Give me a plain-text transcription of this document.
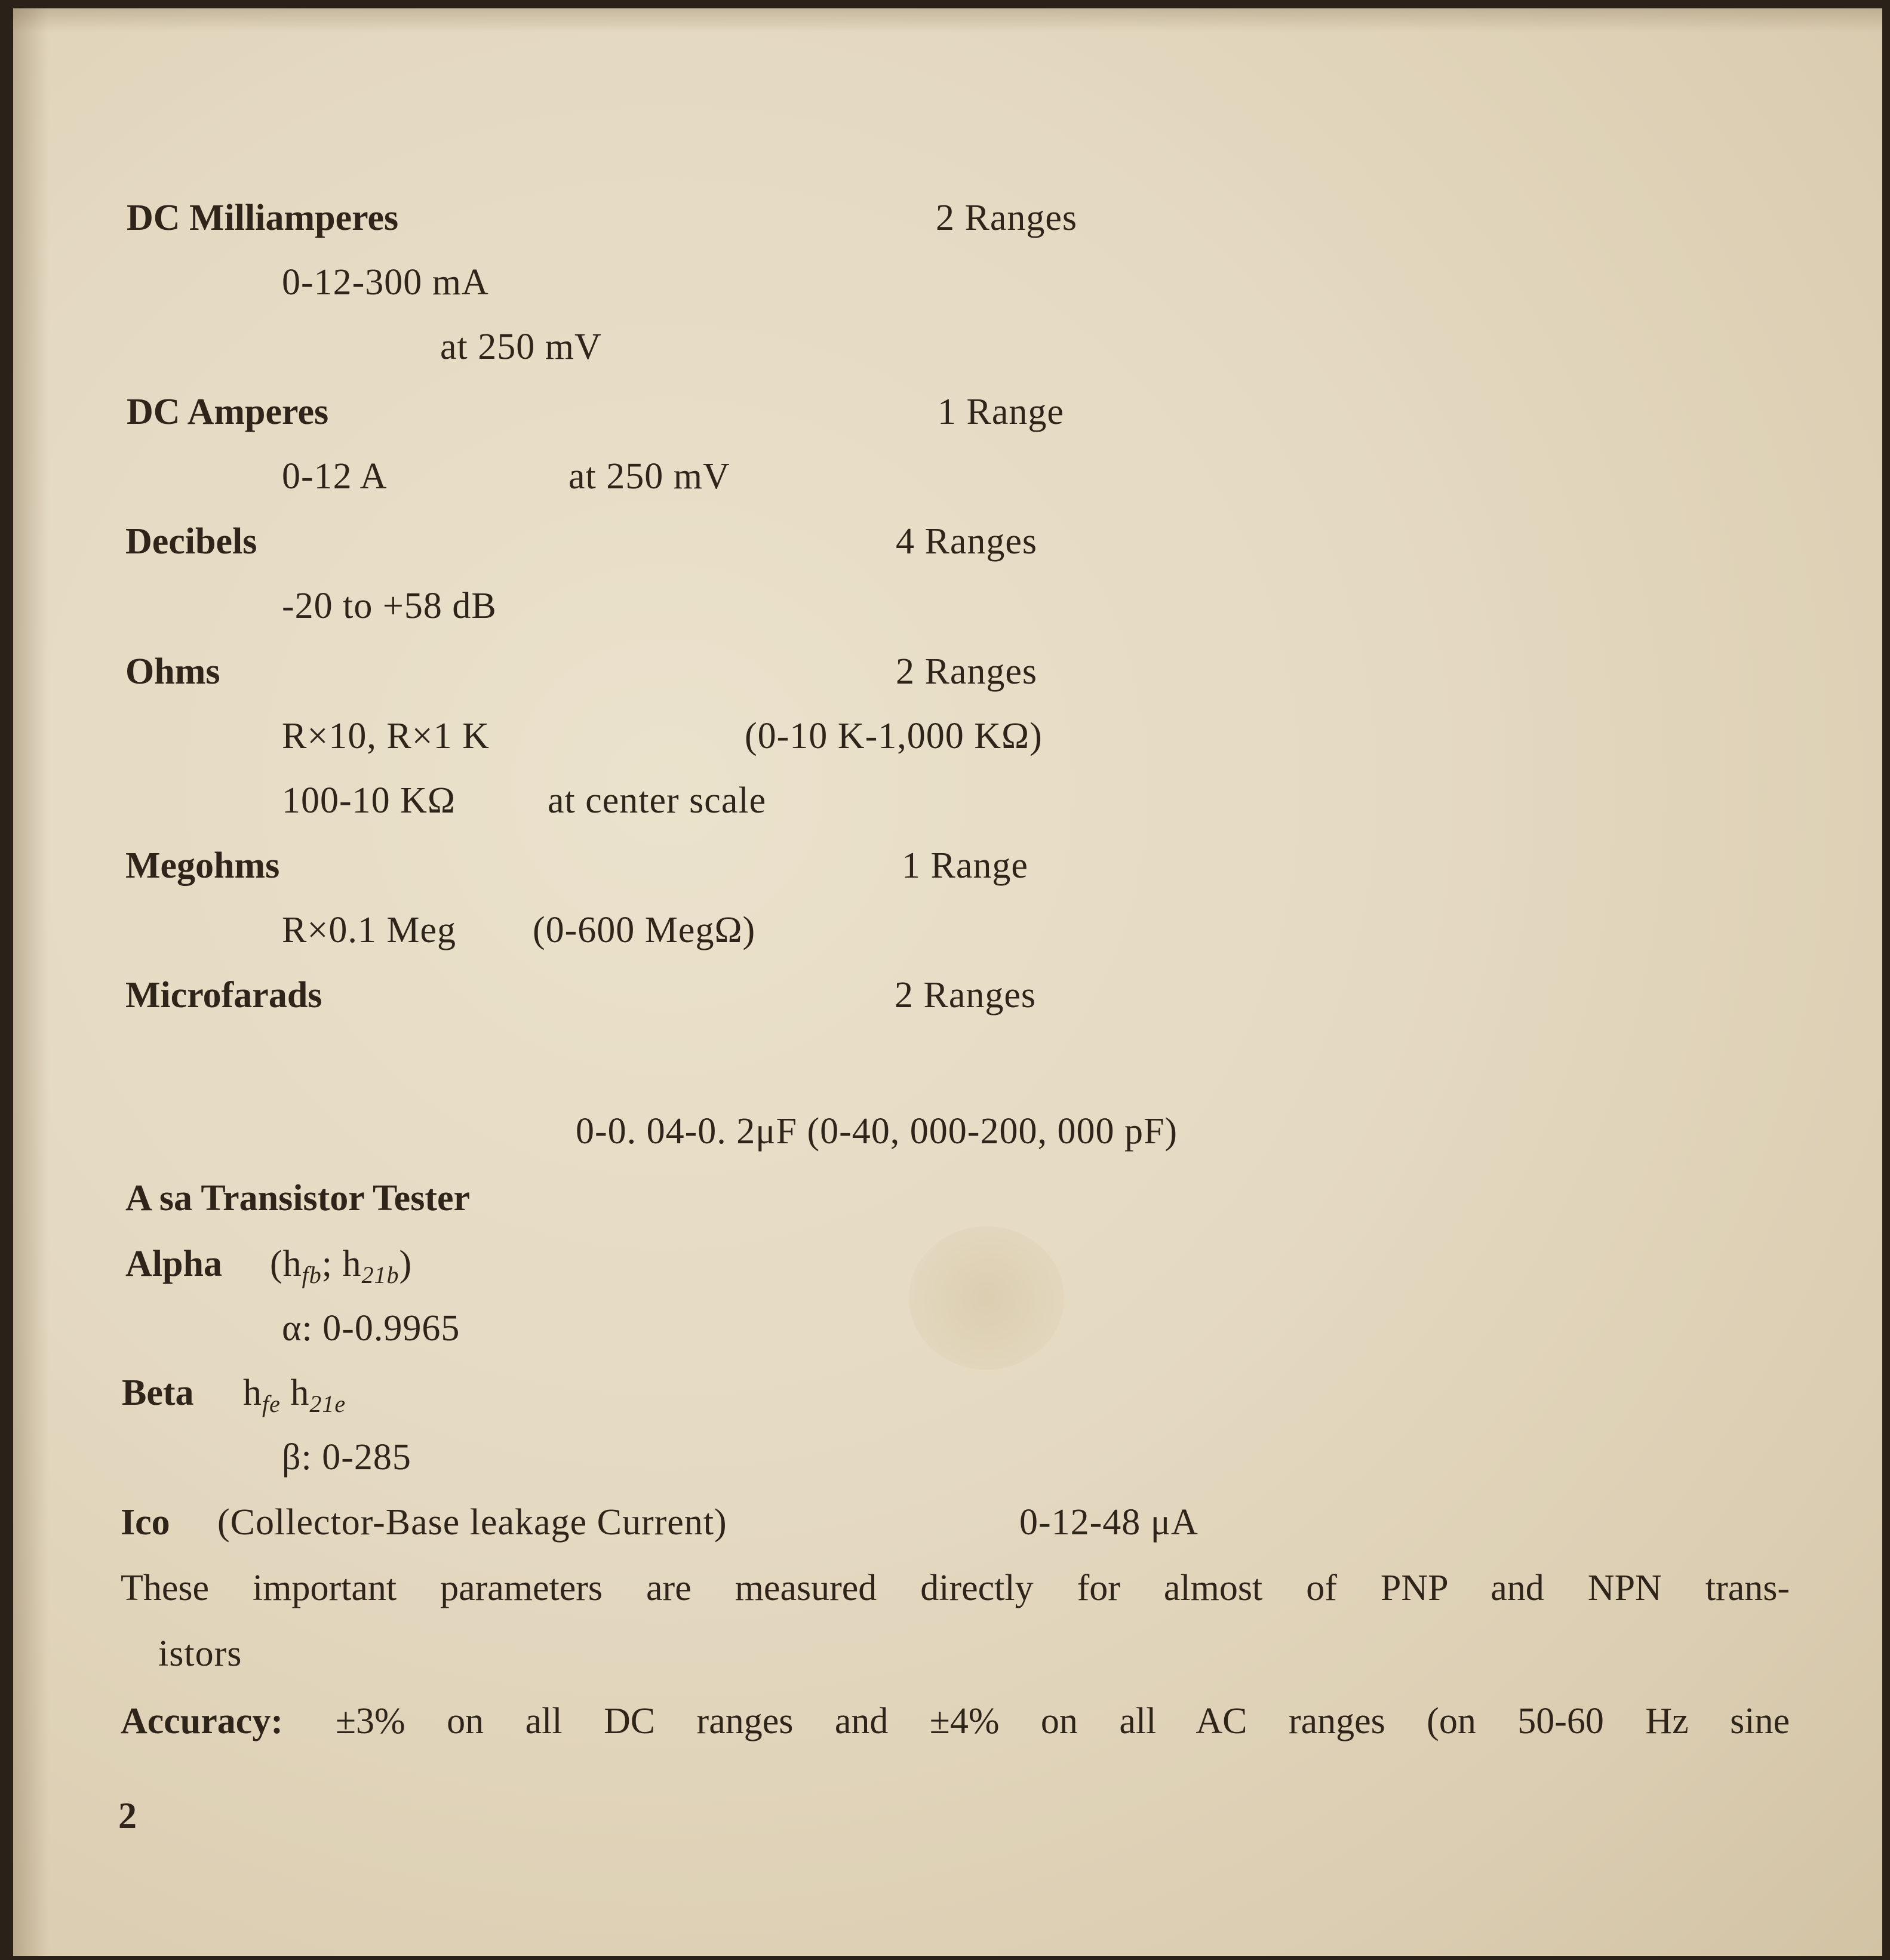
DC Milliamperes	2 Ranges
0-12-300 mA
at 250 mV
DC Amperes	1 Range
0-12 A	at 250 mV
Decibels	4 Ranges
-20 to +58 dB
Ohms	2 Ranges
R×10, R×1 K	(0-10 K-1,000 KΩ)
100-10 KΩ at center scale
Megohms	1 Range
R×0.1 Meg (0-600 MegΩ)
Microfarads	2 Ranges
0-0. 04-0. 2μF (0-40, 000-200, 000 pF)
A sa Transistor Tester
Alpha ($h_{fb}$; $h_{21b}$)
α: 0-0.9965
Beta $h_{fe}$ $h_{21e}$
β: 0-285
Ico (Collector-Base leakage Current)	0-12-48 μA
These important parameters are measured directly for almost of PNP and NPN trans-
istors
Accuracy: ±3% on all DC ranges and ±4% on all AC ranges (on 50-60 Hz sine
2
